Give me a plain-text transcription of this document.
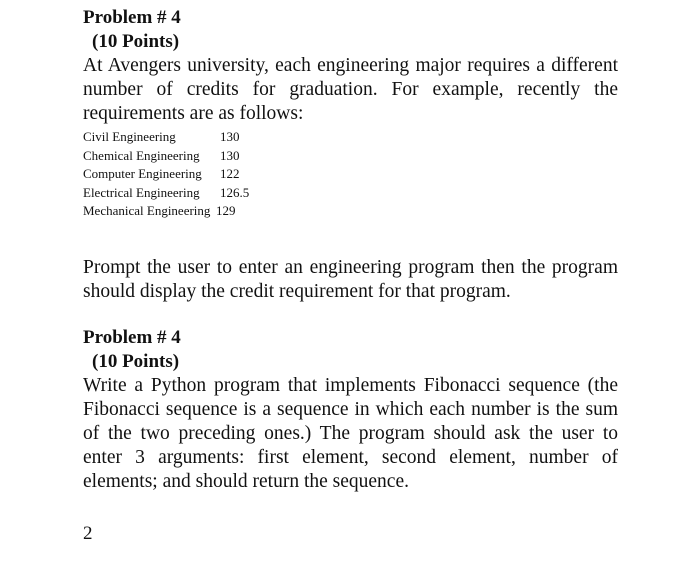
Problem # 4
(10 Points)
At Avengers university, each engineering major requires a different number of credits for graduation. For example, recently the requirements are as follows:
Civil Engineering	130
Chemical Engineering	130
Computer Engineering	122
Electrical Engineering	126.5
Mechanical Engineering 129
Prompt the user to enter an engineering program then the program should display the credit requirement for that program.
Problem # 4
(10 Points)
Write a Python program that implements Fibonacci sequence (the Fibonacci sequence is a sequence in which each number is the sum of the two preceding ones.) The program should ask the user to enter 3 arguments: first element, second element, number of elements; and should return the sequence.
2
